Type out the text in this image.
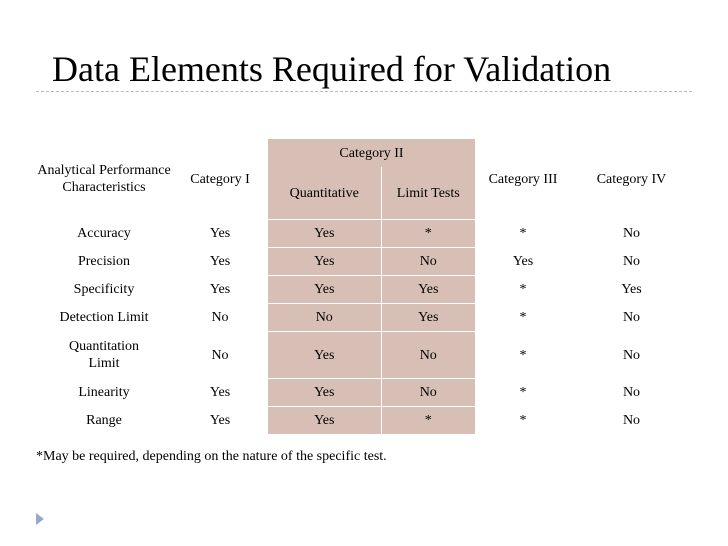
Data Elements Required for Validation
Analytical Performance Characteristics	Category I	Category II		Category III	Category IV
		Quantitative	Limit Tests		
Accuracy	Yes	Yes	*	*	No
Precision	Yes	Yes	No	Yes	No
Specificity	Yes	Yes	Yes	*	Yes
Detection Limit	No	No	Yes	*	No
Quantitation Limit	No	Yes	No	*	No
Linearity	Yes	Yes	No	*	No
Range	Yes	Yes	*	*	No
*May be required, depending on the nature of the specific test.
